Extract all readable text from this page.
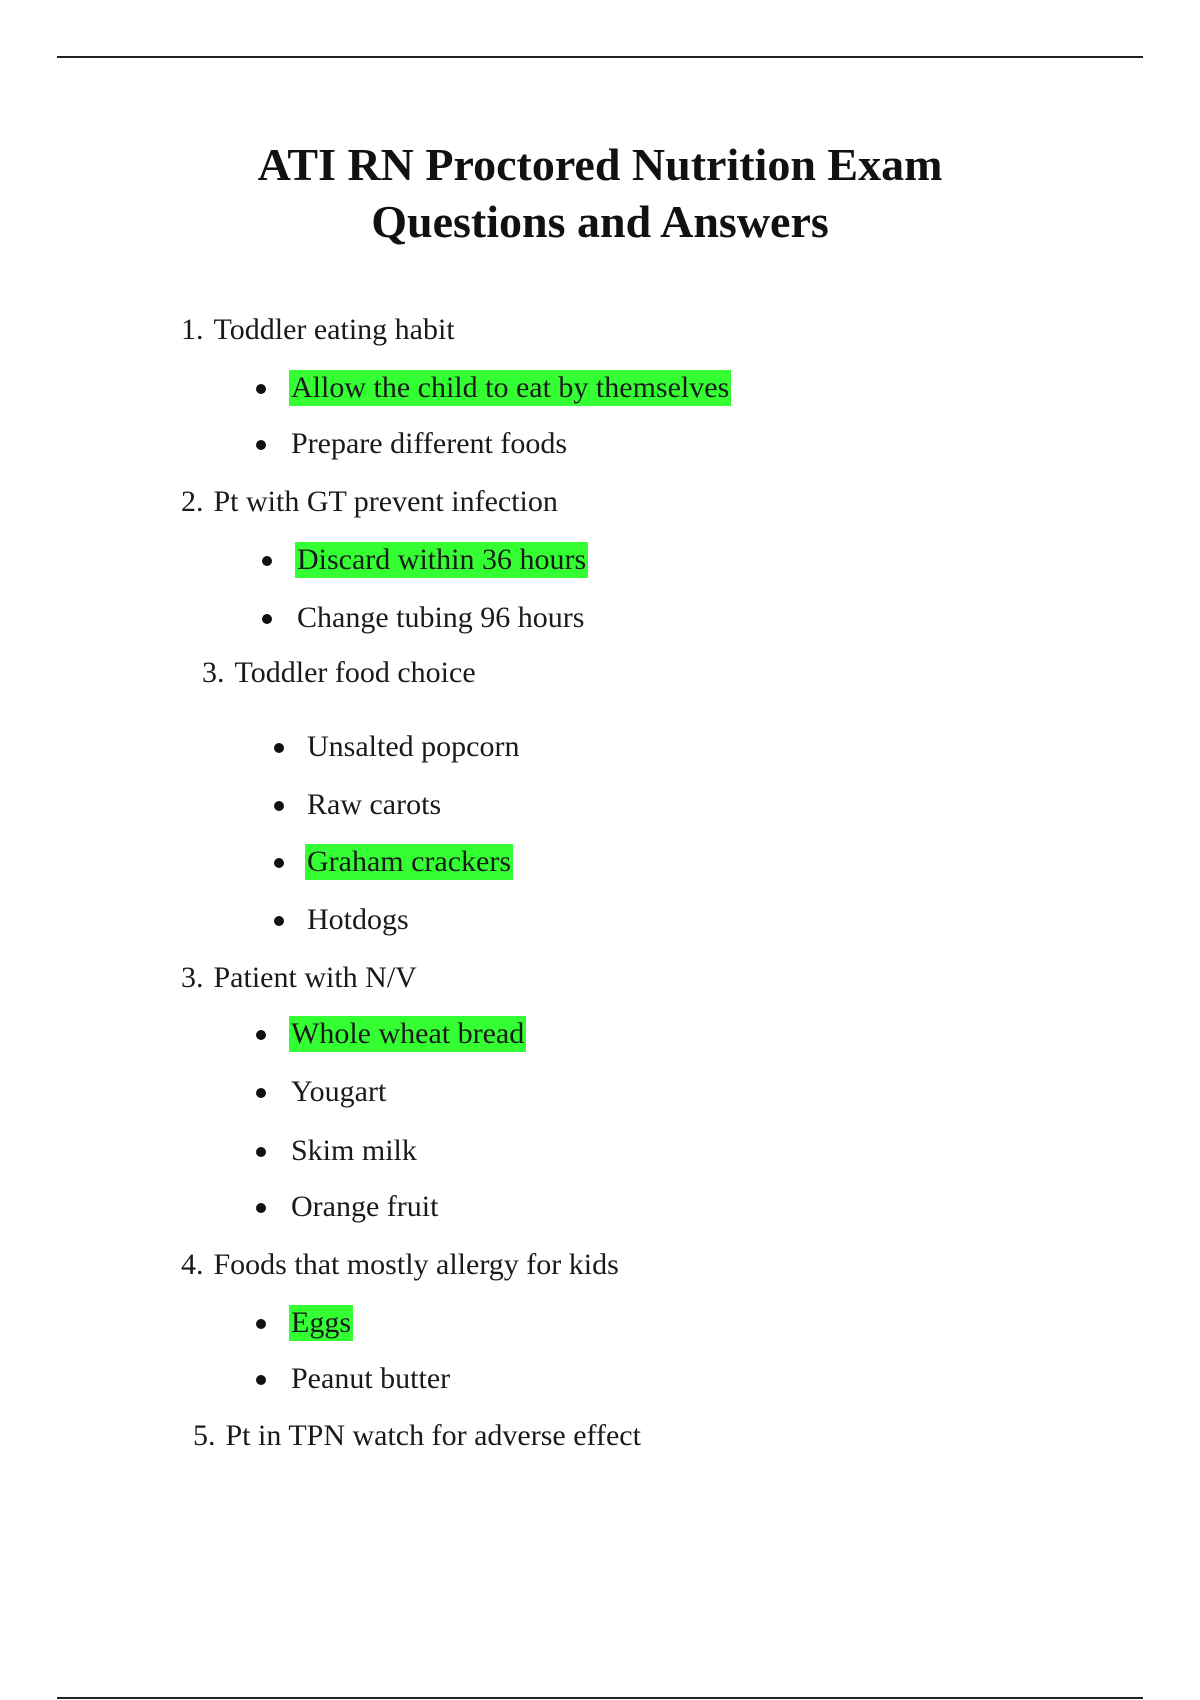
ATI RN Proctored Nutrition Exam
Questions and Answers
1. Toddler eating habit
Allow the child to eat by themselves
Prepare different foods
2. Pt with GT prevent infection
Discard within 36 hours
Change tubing 96 hours
3. Toddler food choice
Unsalted popcorn
Raw carots
Graham crackers
Hotdogs
3. Patient with N/V
Whole wheat bread
Yougart
Skim milk
Orange fruit
4. Foods that mostly allergy for kids
Eggs
Peanut butter
5. Pt in TPN watch for adverse effect
